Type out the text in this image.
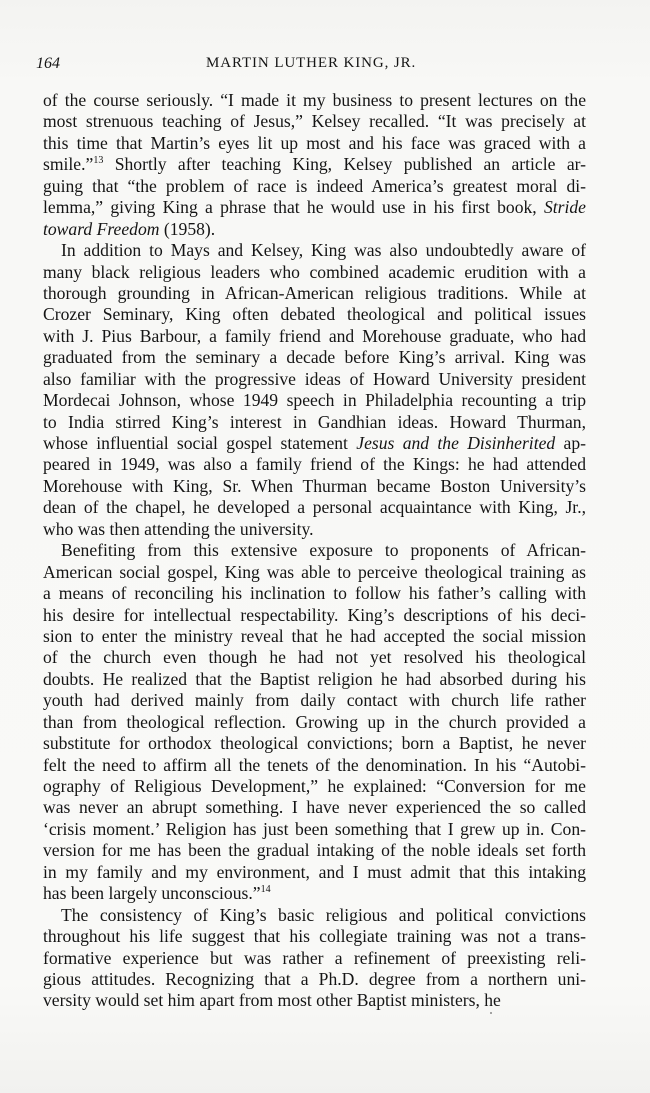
164	MARTIN LUTHER KING, JR.

of the course seriously. “I made it my business to present lectures on the
most strenuous teaching of Jesus,” Kelsey recalled. “It was precisely at
this time that Martin’s eyes lit up most and his face was graced with a
smile.”$^{13}$ Shortly after teaching King, Kelsey published an article ar-
guing that “the problem of race is indeed America’s greatest moral di-
lemma,” giving King a phrase that he would use in his first book, Stride
toward Freedom (1958).

In addition to Mays and Kelsey, King was also undoubtedly aware of
many black religious leaders who combined academic erudition with a
thorough grounding in African-American religious traditions. While at
Crozer Seminary, King often debated theological and political issues
with J. Pius Barbour, a family friend and Morehouse graduate, who had
graduated from the seminary a decade before King’s arrival. King was
also familiar with the progressive ideas of Howard University president
Mordecai Johnson, whose 1949 speech in Philadelphia recounting a trip
to India stirred King’s interest in Gandhian ideas. Howard Thurman,
whose influential social gospel statement Jesus and the Disinherited ap-
peared in 1949, was also a family friend of the Kings: he had attended
Morehouse with King, Sr. When Thurman became Boston University’s
dean of the chapel, he developed a personal acquaintance with King, Jr.,
who was then attending the university.

Benefiting from this extensive exposure to proponents of African-
American social gospel, King was able to perceive theological training as
a means of reconciling his inclination to follow his father’s calling with
his desire for intellectual respectability. King’s descriptions of his deci-
sion to enter the ministry reveal that he had accepted the social mission
of the church even though he had not yet resolved his theological
doubts. He realized that the Baptist religion he had absorbed during his
youth had derived mainly from daily contact with church life rather
than from theological reflection. Growing up in the church provided a
substitute for orthodox theological convictions; born a Baptist, he never
felt the need to affirm all the tenets of the denomination. In his “Autobi-
ography of Religious Development,” he explained: “Conversion for me
was never an abrupt something. I have never experienced the so called
‘crisis moment.’ Religion has just been something that I grew up in. Con-
version for me has been the gradual intaking of the noble ideals set forth
in my family and my environment, and I must admit that this intaking
has been largely unconscious.”$^{14}$

The consistency of King’s basic religious and political convictions
throughout his life suggest that his collegiate training was not a trans-
formative experience but was rather a refinement of preexisting reli-
gious attitudes. Recognizing that a Ph.D. degree from a northern uni-
versity would set him apart from most other Baptist ministers, he
